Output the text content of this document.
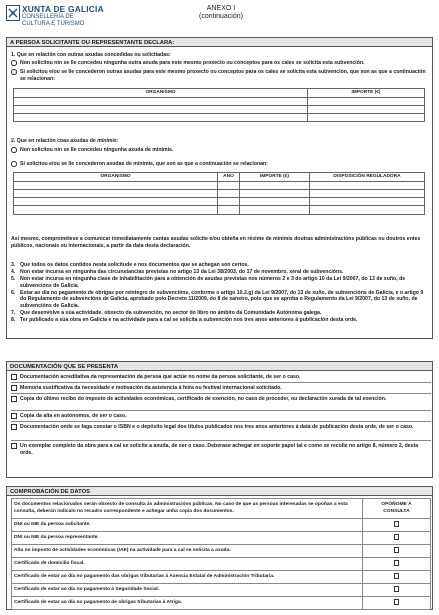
XUNTA DE GALICIA
CONSELLERÍA DE
CULTURA E TURISMO
ANEXO I
(continuación)
A PERSOA SOLICITANTE OU REPRESENTANTE DECLARA:
1. Que en relación con outras axudas concedidas ou solicitadas:
Non solicitou nin se lle concedeu ningunha outra axuda para este mesmo proxecto ou conceptos para os cales se solicita esta subvención.
Si solicitou e/ou se lle concederon outras axudas para este mesmo proxecto ou conceptos para os cales se solicita esta subvención, que son as que a continuación se relacionan:
ORGANISMO	IMPORTE (€)

2. Que en relación coas axudas de mínimis:
Non solicitou nin se lle concedeu ningunha axuda de mínimis.
Si solicitou e/ou se lle concederon axudas de mínimis, que son as que a continuación se relacionan:
ORGANISMO	ANO	IMPORTE (€)	DISPOSICIÓN REGULADORA

Así mesmo, comprométese a comunicar inmediatamente cantas axudas solicite e/ou obteña en réxime de minimis doutras administracións públicas ou doutros entes públicos, nacionais ou internacionais, a partir da data desta declaración.
3. Que todos os datos contidos nesta solicitude e nos documentos que se achegan son certos.
4. Non estar incursa en ningunha das circunstancias previstas no artigo 13 da Lei 38/2003, do 17 de novembro, xeral de subvencións.
5. Non estar incursa en ningunha clase de inhabilitación para a obtención de axudas previstas nos números 2 e 3 do artigo 10 da Lei 9/2007, do 13 de xuño, de subvencións de Galicia.
6. Estar ao día no pagamento de obrigas por reintegro de subvencións, conforme o artigo 10.2.g) da Lei 9/2007, do 13 de xuño, de subvencións de Galicia, e o artigo 9 do Regulamento de subvencións de Galicia, aprobado polo Decreto 11/2009, do 8 de xaneiro, polo que se aproba o Regulamento da Lei 9/2007, do 13 de xuño, de subvencións de Galicia.
7. Que desenvolve a súa actividade, obxecto da subvención, no sector do libro no ámbito da Comunidade Autónoma galega.
8. Ter publicado a súa obra en Galicia e na actividade para a cal se solicita a subvención nos tres anos anteriores á publicación desta orde.
DOCUMENTACIÓN QUE SE PRESENTA
Documentación acreditativa da representación da persoa que actúe no nome da persoa solicitante, de ser o caso.
Memoria xustificativa da necesidade e motivación da asistencia á feira ou festival internacional solicitado.
Copia do último recibo do imposto de actividades económicas, certificado de exención, no caso de proceder, ou declaración xurada de tal exención.
Copia da alta en autónomos, de ser o caso.
Documentación onde se faga constar o ISBN e o depósito legal dos títulos publicados nos tres anos anteriores á data de publicación desta orde, de ser o caso.
Un exemplar completo da obra para a cal se solicite a axuda, de ser o caso. Deberase achegar en soporte papel tal e como se recolle no artigo 8, número 2, desta orde.
COMPROBACIÓN DE DATOS
Os documentos relacionados serán obxecto de consulta ás administracións públicas. No caso de que as persoas interesadas se opoñan a esta consulta, deberán indicalo no recadro correspondente e achegar unha copia dos documentos.	OPÓÑOME Á
CONSULTA

DNI ou NIE da persoa solicitante.	
DNI ou NIE da persoa representante.	
Alta no imposto de actividades económicas (IAE) na actividade para a cal se solicita a axuda.	
Certificado de domicilio fiscal.	
Certificado de estar ao día no pagamento das obrigas tributarias á Axencia Estatal de Administración Tributaria.	
Certificado de estar ao día no pagamento á Seguridade Social.	
Certificado de estar ao día no pagamento de obrigas tributarias á Atriga.	
